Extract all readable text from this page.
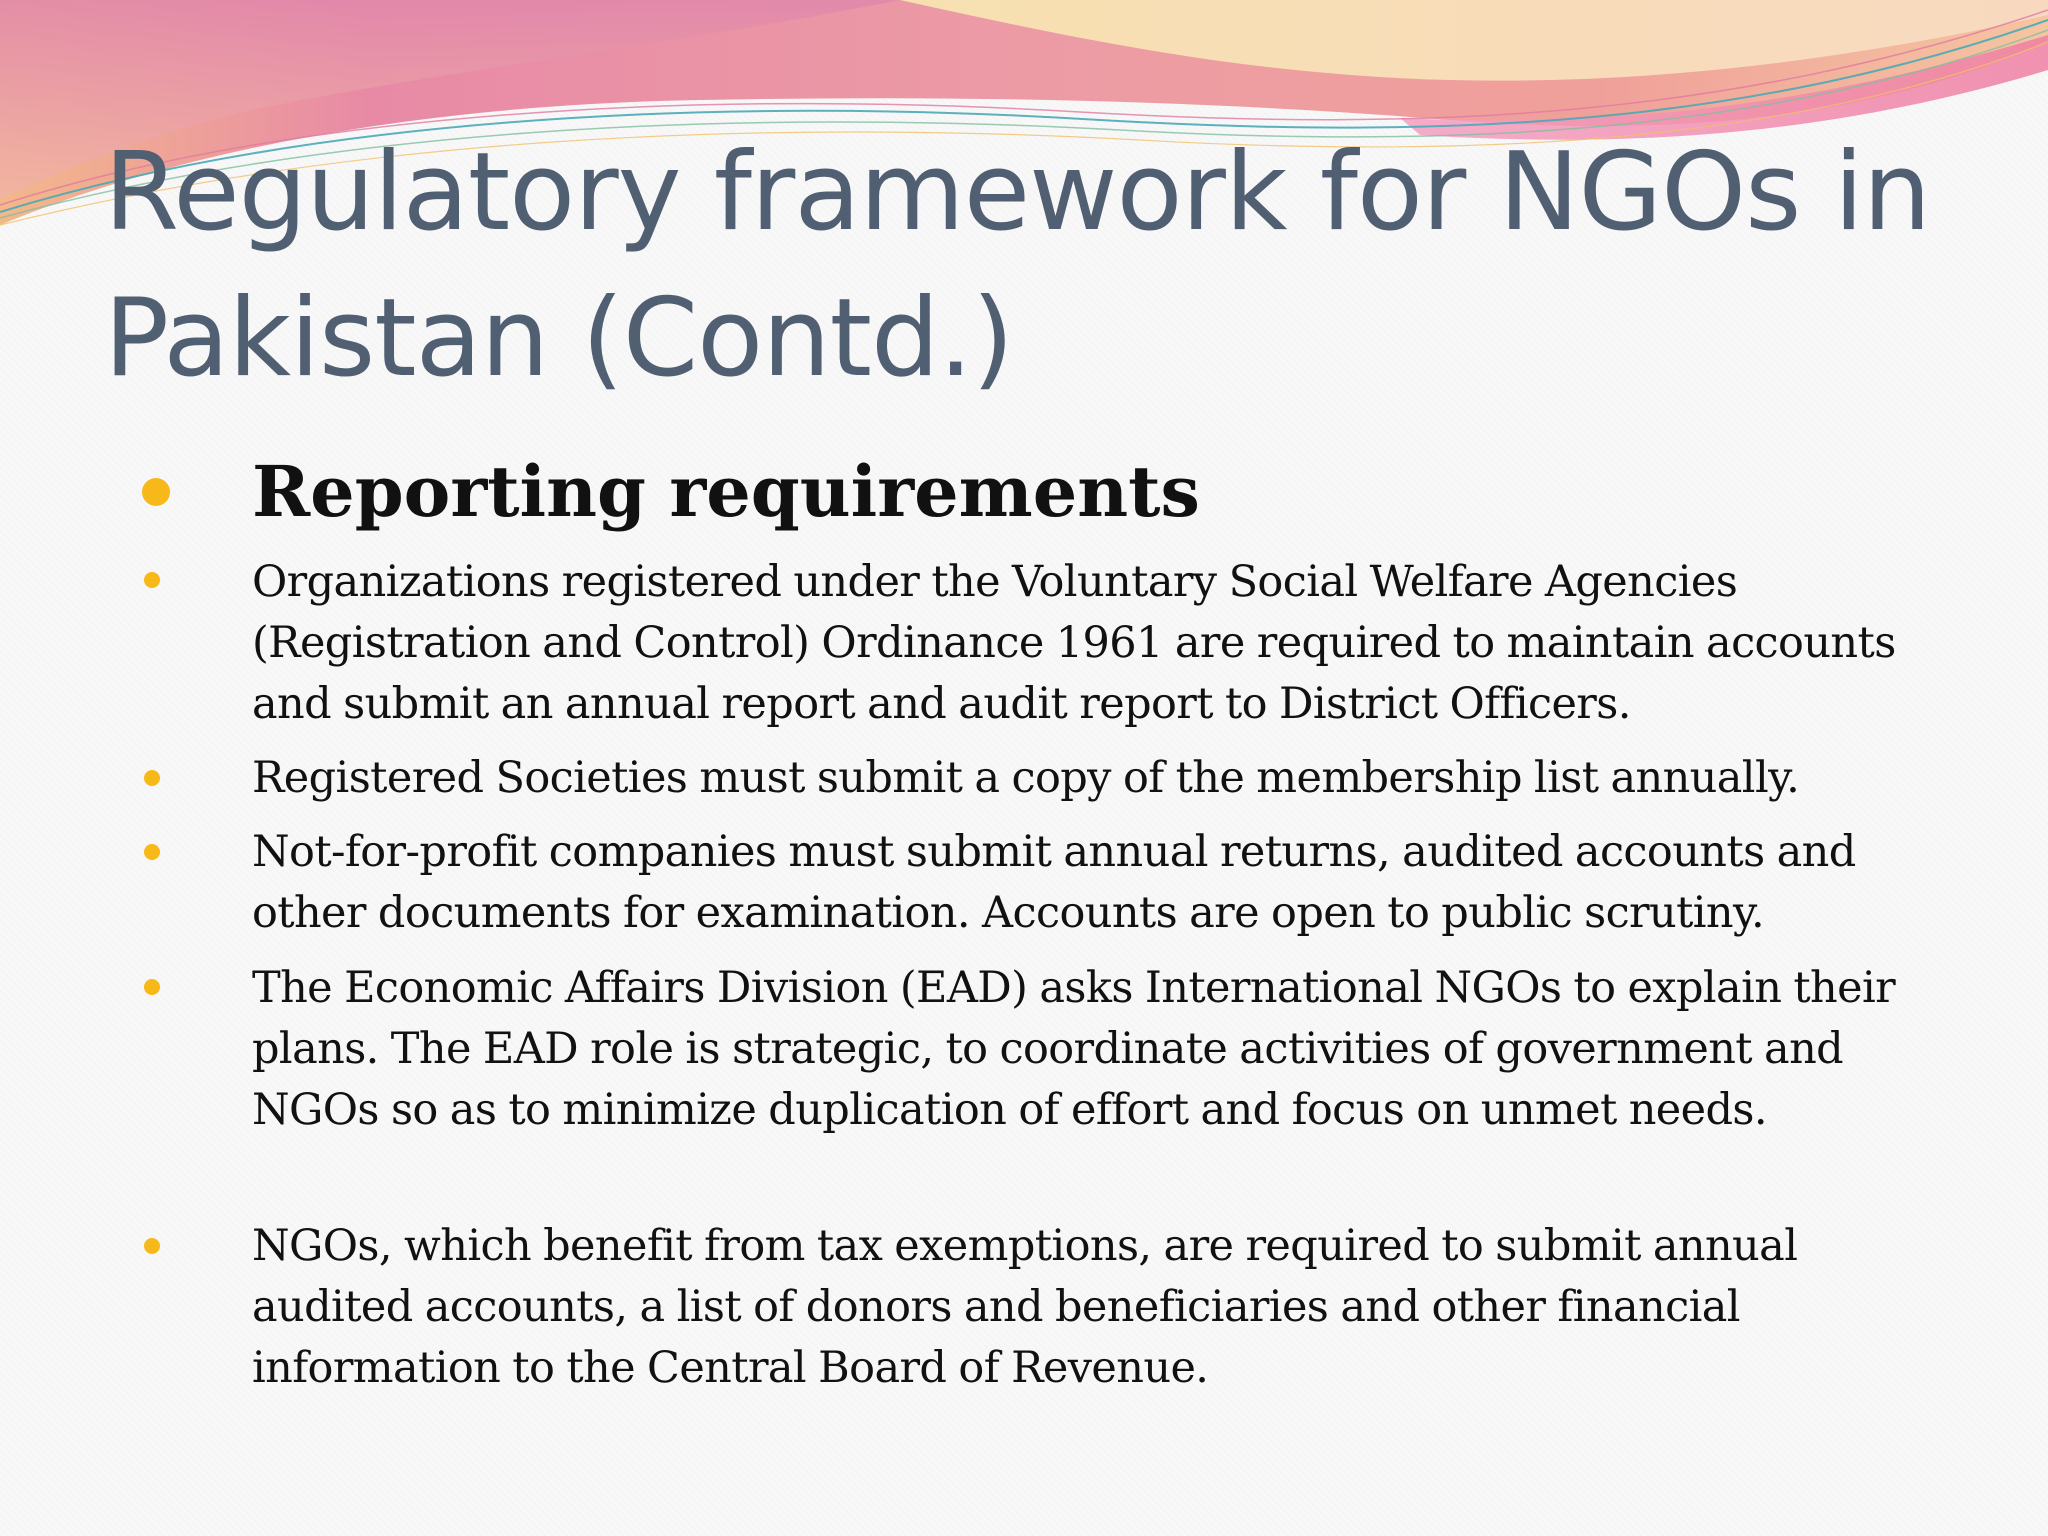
Regulatory framework for NGOs in Pakistan (Contd.)
Reporting requirements
Organizations registered under the Voluntary Social Welfare Agencies (Registration and Control) Ordinance 1961 are required to maintain accounts and submit an annual report and audit report to District Officers.
Registered Societies must submit a copy of the membership list annually.
Not-for-profit companies must submit annual returns, audited accounts and other documents for examination. Accounts are open to public scrutiny.
The Economic Affairs Division (EAD) asks International NGOs to explain their plans. The EAD role is strategic, to coordinate activities of government and NGOs so as to minimize duplication of effort and focus on unmet needs.
NGOs, which benefit from tax exemptions, are required to submit annual audited accounts, a list of donors and beneficiaries and other financial information to the Central Board of Revenue.
